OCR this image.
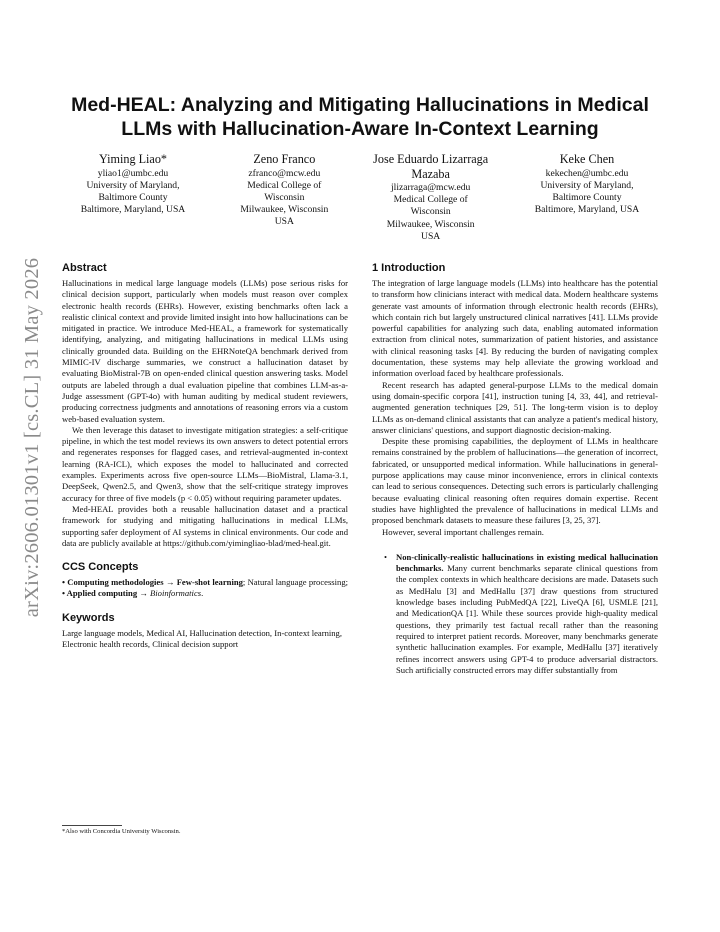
arXiv:2606.01301v1 [cs.CL] 31 May 2026
Med-HEAL: Analyzing and Mitigating Hallucinations in Medical LLMs with Hallucination-Aware In-Context Learning
Yiming Liao*
yliao1@umbc.edu
University of Maryland,
Baltimore County
Baltimore, Maryland, USA
Zeno Franco
zfranco@mcw.edu
Medical College of
Wisconsin
Milwaukee, Wisconsin
USA
Jose Eduardo Lizarraga Mazaba
jlizarraga@mcw.edu
Medical College of
Wisconsin
Milwaukee, Wisconsin
USA
Keke Chen
kekechen@umbc.edu
University of Maryland,
Baltimore County
Baltimore, Maryland, USA
Abstract

Hallucinations in medical large language models (LLMs) pose serious risks for clinical decision support, particularly when models must reason over complex electronic health records (EHRs). However, existing benchmarks often lack a realistic clinical context and provide limited insight into how hallucinations can be mitigated in practice. We introduce Med-HEAL, a framework for systematically identifying, analyzing, and mitigating hallucinations in medical LLMs using clinically grounded data. Building on the EHRNoteQA benchmark derived from MIMIC-IV discharge summaries, we construct a hallucination dataset by evaluating BioMistral-7B on open-ended clinical question answering tasks. Model outputs are labeled through a dual evaluation pipeline that combines LLM-as-a-Judge assessment (GPT-4o) with human auditing by medical student reviewers, producing correctness judgments and annotations of reasoning errors via a custom web-based evaluation system.

We then leverage this dataset to investigate mitigation strategies: a self-critique pipeline, in which the test model reviews its own answers to detect potential errors and regenerates responses for flagged cases, and retrieval-augmented in-context learning (RA-ICL), which exposes the model to hallucinated and corrected examples. Experiments across five open-source LLMs—BioMistral, Llama-3.1, DeepSeek, Qwen2.5, and Qwen3, show that the self-critique strategy improves accuracy for three of five models (p < 0.05) without requiring parameter updates.

Med-HEAL provides both a reusable hallucination dataset and a practical framework for studying and mitigating hallucinations in medical LLMs, supporting safer deployment of AI systems in clinical environments. Our code and data are publicly available at https://github.com/yimingliao-blad/med-heal.git.

CCS Concepts

• Computing methodologies → Few-shot learning; Natural language processing; • Applied computing → Bioinformatics.

Keywords

Large language models, Medical AI, Hallucination detection, In-context learning, Electronic health records, Clinical decision support

*Also with Concordia University Wisconsin.
1 Introduction

The integration of large language models (LLMs) into healthcare has the potential to transform how clinicians interact with medical data. Modern healthcare systems generate vast amounts of information through electronic health records (EHRs), which contain rich but largely unstructured clinical narratives [41]. LLMs provide powerful capabilities for analyzing such data, enabling automated information extraction from clinical notes, summarization of patient histories, and assistance with clinical reasoning tasks [4]. By reducing the burden of navigating complex documentation, these systems may help alleviate the growing workload and information overload faced by healthcare professionals.

Recent research has adapted general-purpose LLMs to the medical domain using domain-specific corpora [41], instruction tuning [4, 33, 44], and retrieval-augmented generation techniques [29, 51]. The long-term vision is to deploy LLMs as on-demand clinical assistants that can analyze a patient's medical history, answer clinicians' questions, and support diagnostic decision-making.

Despite these promising capabilities, the deployment of LLMs in healthcare remains constrained by the problem of hallucinations—the generation of incorrect, fabricated, or unsupported medical information. While hallucinations in general-purpose applications may cause minor inconvenience, errors in clinical contexts can lead to serious consequences. Detecting such errors is particularly challenging because evaluating clinical reasoning often requires domain expertise. Recent studies have highlighted the prevalence of hallucinations in medical LLMs and proposed benchmark datasets to measure these failures [3, 25, 37].

However, several important challenges remain.

• Non-clinically-realistic hallucinations in existing medical hallucination benchmarks. Many current benchmarks separate clinical questions from the complex contexts in which healthcare decisions are made. Datasets such as MedHalu [3] and MedHallu [37] draw questions from structured knowledge bases including PubMedQA [22], LiveQA [6], USMLE [21], and MedicationQA [1]. While these sources provide high-quality medical questions, they primarily test factual recall rather than the reasoning required to interpret patient records. Moreover, many benchmarks generate synthetic hallucination examples. For example, MedHallu [37] iteratively refines incorrect answers using GPT-4 to produce adversarial distractors. Such artificially constructed errors may differ substantially from
